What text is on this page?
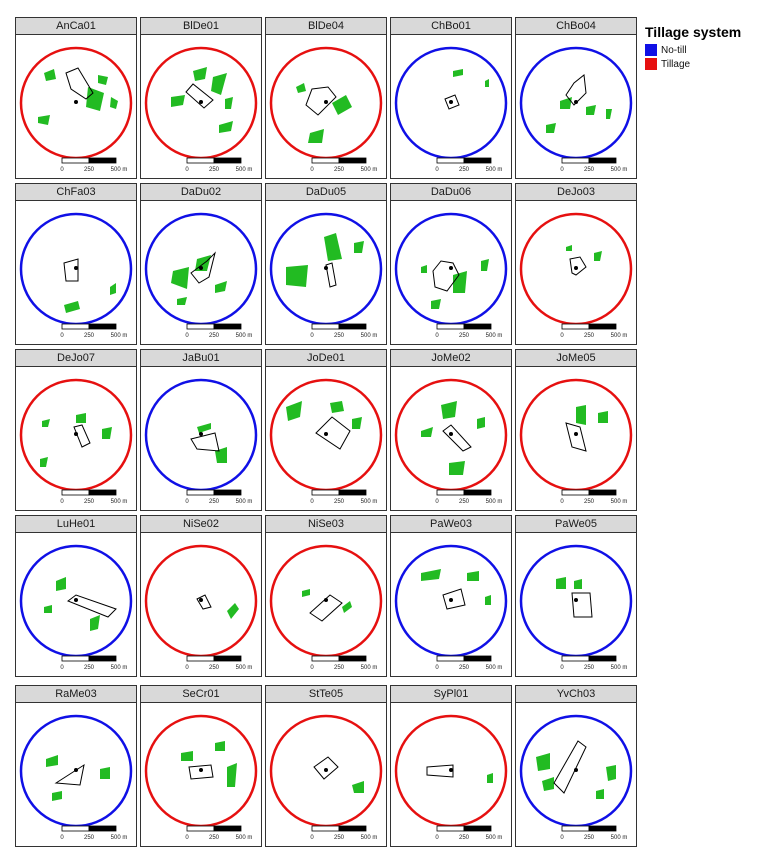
AnCa01
0	250	500 m
BlDe01
0	250	500 m
BlDe04
0	250	500 m
ChBo01
0	250	500 m
ChBo04
0	250	500 m
ChFa03
0	250	500 m
DaDu02
0	250	500 m
DaDu05
0	250	500 m
DaDu06
0	250	500 m
DeJo03
0	250	500 m
DeJo07
0	250	500 m
JaBu01
0	250	500 m
JoDe01
0	250	500 m
JoMe02
0	250	500 m
JoMe05
0	250	500 m
LuHe01
0	250	500 m
NiSe02
0	250	500 m
NiSe03
0	250	500 m
PaWe03
0	250	500 m
PaWe05
0	250	500 m
RaMe03
0	250	500 m
SeCr01
0	250	500 m
StTe05
0	250	500 m
SyPl01
0	250	500 m
YvCh03
0	250	500 m
Tillage system
No-till
Tillage
